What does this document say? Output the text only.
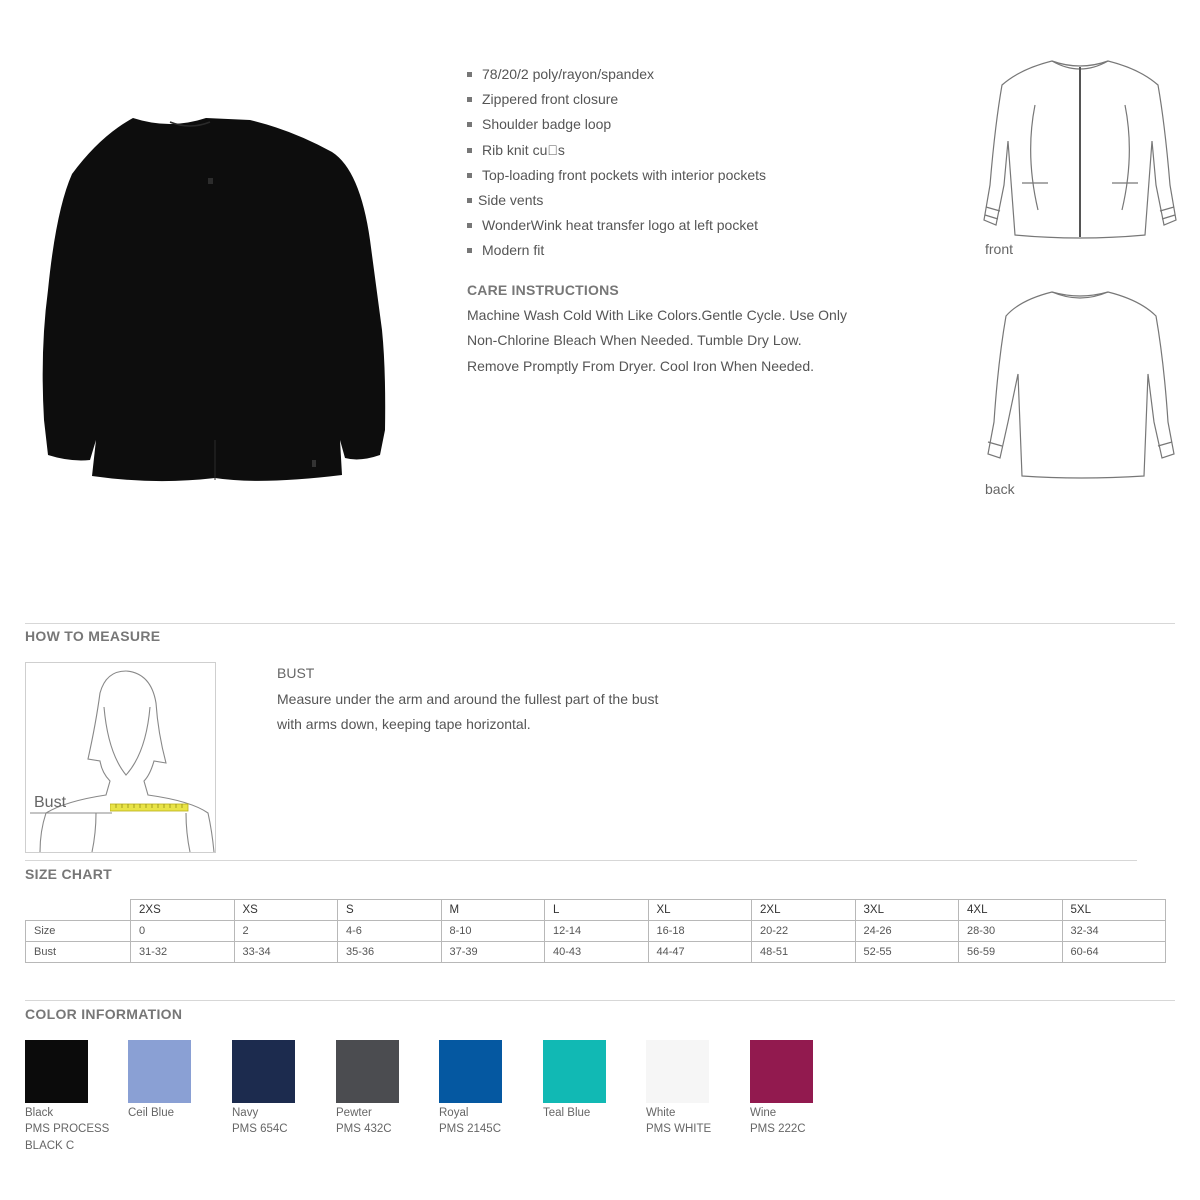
78/20/2 poly/rayon/spandex
Zippered front closure
Shoulder badge loop
Rib knit cu s
Top-loading front pockets with interior pockets
Side vents
WonderWink heat transfer logo at left pocket
Modern fit
CARE INSTRUCTIONS
Machine Wash Cold With Like Colors.Gentle Cycle. Use Only
Non-Chlorine Bleach When Needed. Tumble Dry Low.
Remove Promptly From Dryer. Cool Iron When Needed.
front
back
HOW TO MEASURE
Bust
BUST
Measure under the arm and around the fullest part of the bust
with arms down, keeping tape horizontal.
SIZE CHART
	2XS	XS	S	M	L	XL	2XL	3XL	4XL	5XL
Size	0	2	4-6	8-10	12-14	16-18	20-22	24-26	28-30	32-34
Bust	31-32	33-34	35-36	37-39	40-43	44-47	48-51	52-55	56-59	60-64
COLOR INFORMATION
Black
PMS PROCESS BLACK C
Ceil Blue	Navy
PMS 654C
Pewter
PMS 432C
Royal
PMS 2145C
Teal Blue	White
PMS WHITE
Wine
PMS 222C
